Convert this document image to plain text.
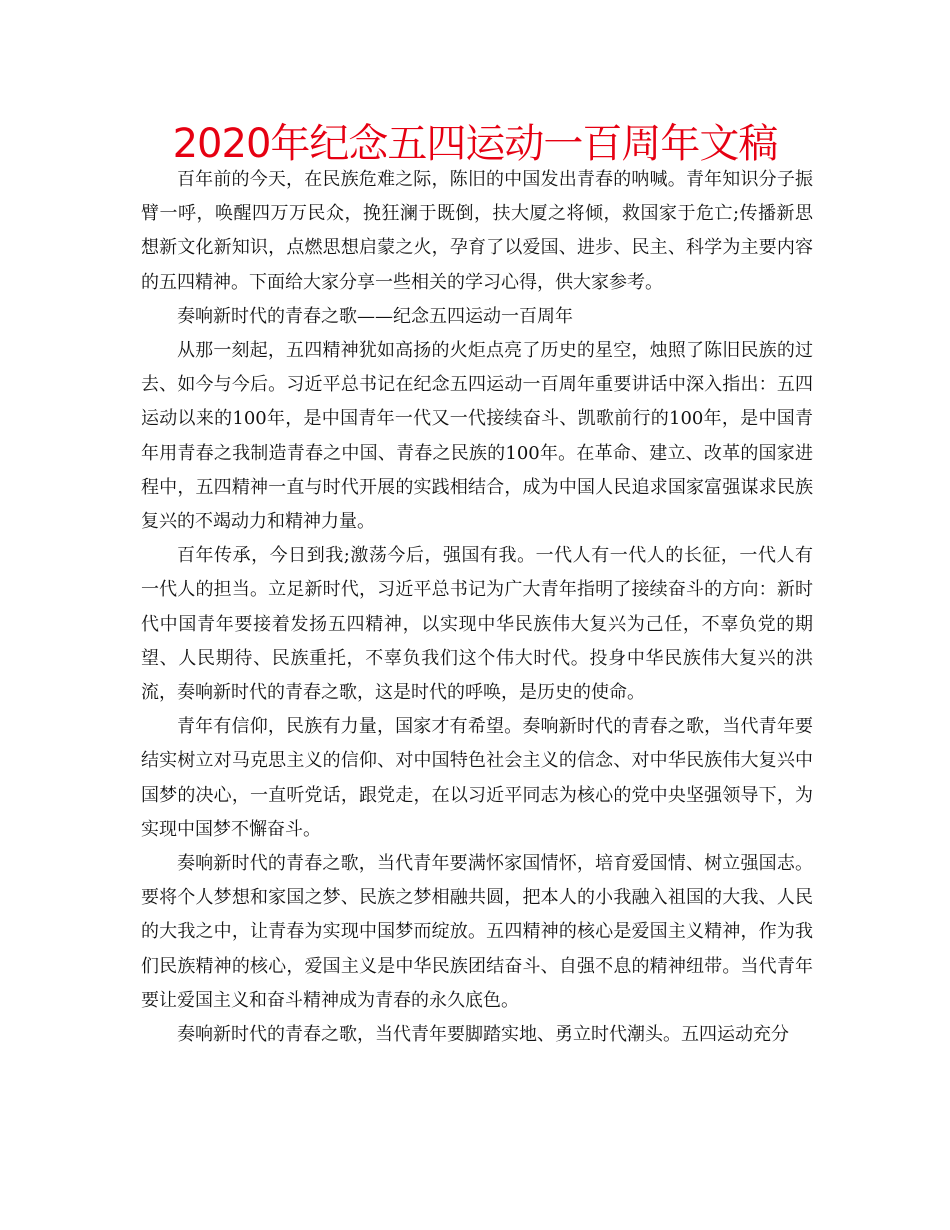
2020年纪念五四运动一百周年文稿

百年前的今天，在民族危难之际，陈旧的中国发出青春的呐喊。青年知识分子振臂一呼，唤醒四万万民众，挽狂澜于既倒，扶大厦之将倾，救国家于危亡;传播新思想新文化新知识，点燃思想启蒙之火，孕育了以爱国、进步、民主、科学为主要内容的五四精神。下面给大家分享一些相关的学习心得，供大家参考。

奏响新时代的青春之歌——纪念五四运动一百周年

从那一刻起，五四精神犹如高扬的火炬点亮了历史的星空，烛照了陈旧民族的过去、如今与今后。习近平总书记在纪念五四运动一百周年重要讲话中深入指出：五四运动以来的100年，是中国青年一代又一代接续奋斗、凯歌前行的100年，是中国青年用青春之我制造青春之中国、青春之民族的100年。在革命、建立、改革的国家进程中，五四精神一直与时代开展的实践相结合，成为中国人民追求国家富强谋求民族复兴的不竭动力和精神力量。

百年传承，今日到我;激荡今后，强国有我。一代人有一代人的长征，一代人有一代人的担当。立足新时代，习近平总书记为广大青年指明了接续奋斗的方向：新时代中国青年要接着发扬五四精神，以实现中华民族伟大复兴为己任，不辜负党的期望、人民期待、民族重托，不辜负我们这个伟大时代。投身中华民族伟大复兴的洪流，奏响新时代的青春之歌，这是时代的呼唤，是历史的使命。

青年有信仰，民族有力量，国家才有希望。奏响新时代的青春之歌，当代青年要结实树立对马克思主义的信仰、对中国特色社会主义的信念、对中华民族伟大复兴中国梦的决心，一直听党话，跟党走，在以习近平同志为核心的党中央坚强领导下，为实现中国梦不懈奋斗。

奏响新时代的青春之歌，当代青年要满怀家国情怀，培育爱国情、树立强国志。要将个人梦想和家国之梦、民族之梦相融共圆，把本人的小我融入祖国的大我、人民的大我之中，让青春为实现中国梦而绽放。五四精神的核心是爱国主义精神，作为我们民族精神的核心，爱国主义是中华民族团结奋斗、自强不息的精神纽带。当代青年要让爱国主义和奋斗精神成为青春的永久底色。

奏响新时代的青春之歌，当代青年要脚踏实地、勇立时代潮头。五四运动充分
